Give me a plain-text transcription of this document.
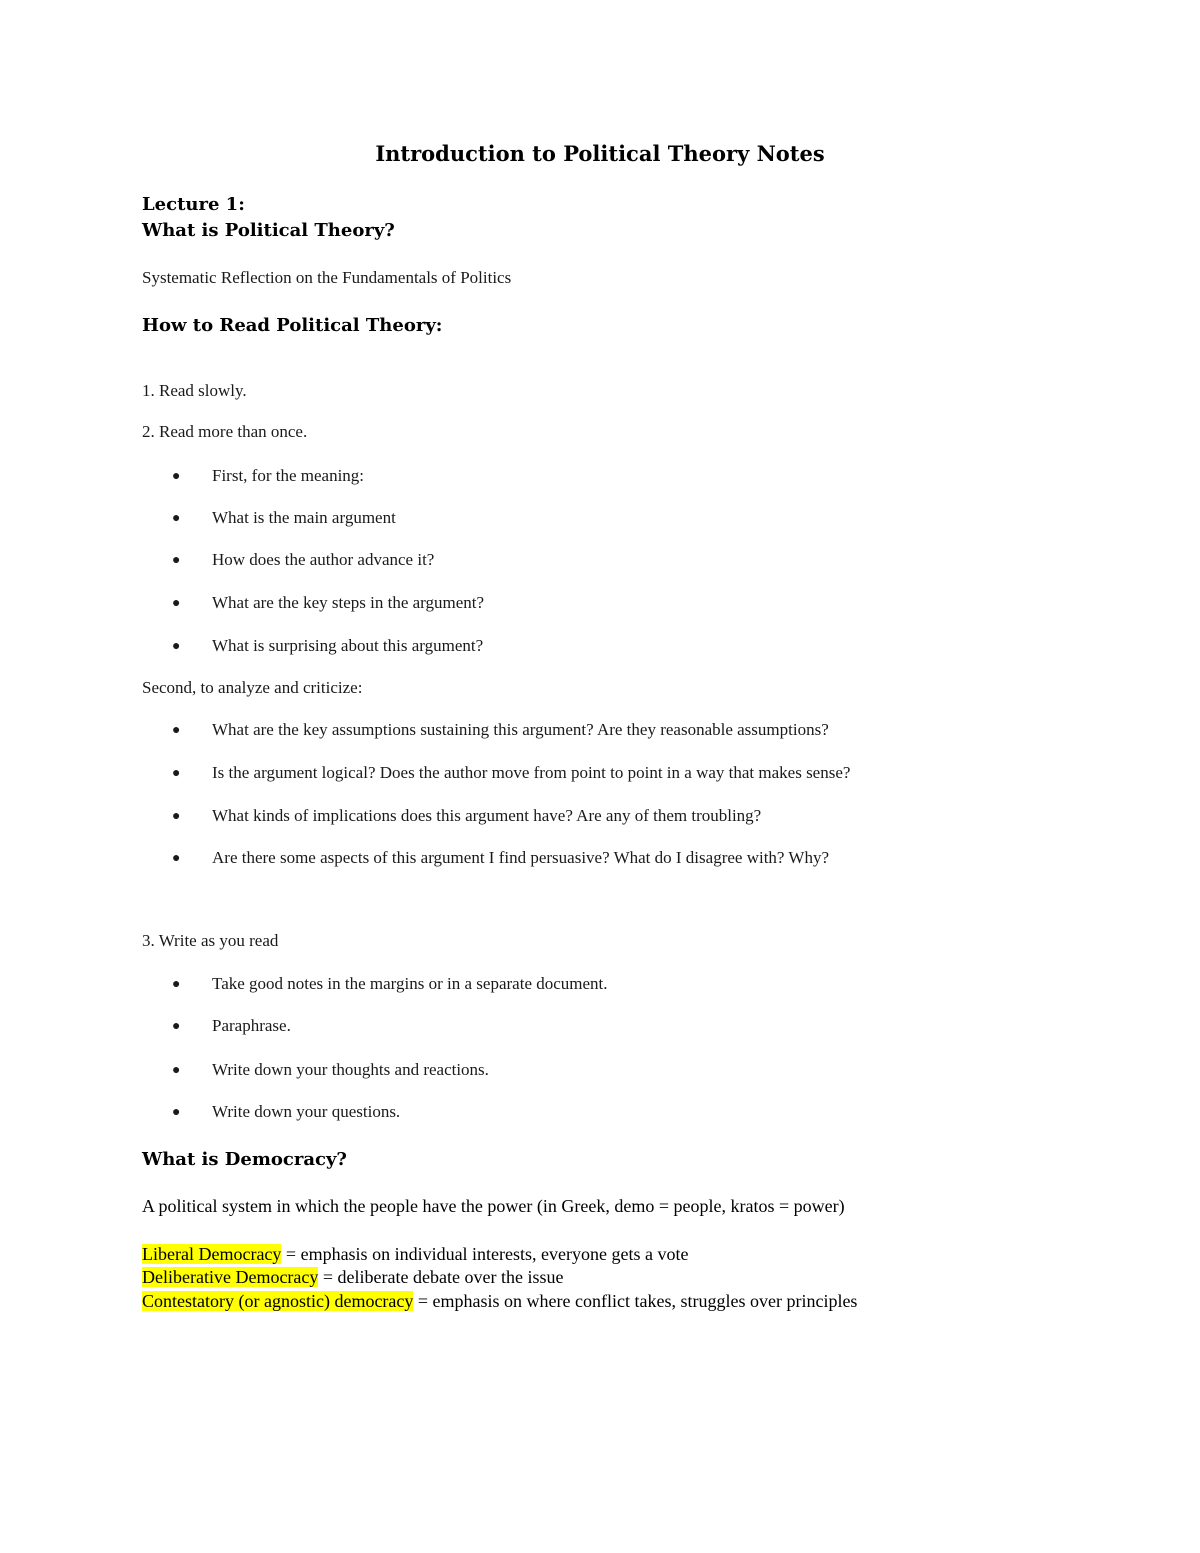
Introduction to Political Theory Notes
Lecture 1:
What is Political Theory?
Systematic Reflection on the Fundamentals of Politics
How to Read Political Theory:
1. Read slowly.
2. Read more than once.
● First, for the meaning:
● What is the main argument
● How does the author advance it?
● What are the key steps in the argument?
● What is surprising about this argument?
Second, to analyze and criticize:
● What are the key assumptions sustaining this argument? Are they reasonable assumptions?
● Is the argument logical? Does the author move from point to point in a way that makes sense?
● What kinds of implications does this argument have? Are any of them troubling?
● Are there some aspects of this argument I find persuasive? What do I disagree with? Why?
3. Write as you read
● Take good notes in the margins or in a separate document.
● Paraphrase.
● Write down your thoughts and reactions.
● Write down your questions.
What is Democracy?
A political system in which the people have the power (in Greek, demo = people, kratos = power)
Liberal Democracy = emphasis on individual interests, everyone gets a vote
Deliberative Democracy = deliberate debate over the issue
Contestatory (or agnostic) democracy = emphasis on where conflict takes, struggles over principles
